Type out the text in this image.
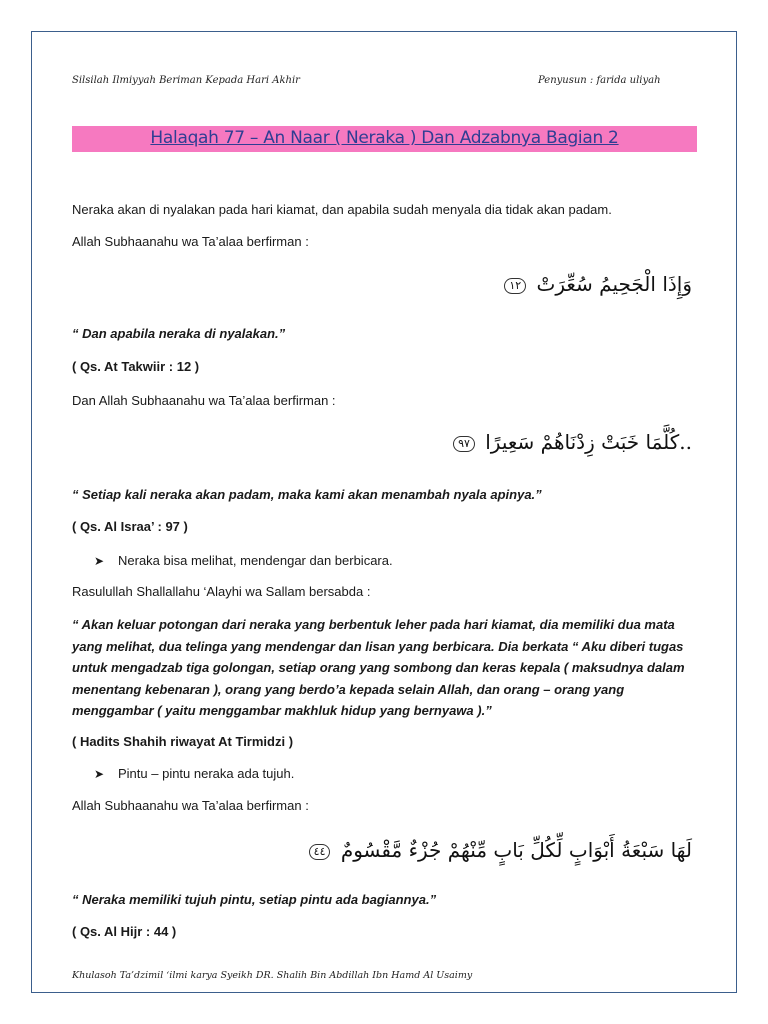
Silsilah Ilmiyyah Beriman Kepada Hari Akhir	Penyusun : farida uliyah
Halaqah 77 – An Naar ( Neraka ) Dan Adzabnya Bagian 2
Neraka akan di nyalakan pada hari kiamat, dan apabila sudah menyala dia tidak akan padam.
Allah Subhaanahu wa Ta’alaa berfirman :
وَإِذَا الْجَحِيمُ سُعِّرَتْ ١٢
“ Dan apabila neraka di nyalakan.”
( Qs. At Takwiir : 12 )
Dan Allah Subhaanahu wa Ta’alaa berfirman :
..كُلَّمَا خَبَتْ زِدْنَاهُمْ سَعِيرًا ٩٧
“ Setiap kali neraka akan padam, maka kami akan menambah nyala apinya.”
( Qs. Al Israa’ : 97 )
➤ Neraka bisa melihat, mendengar dan berbicara.
Rasulullah Shallallahu ‘Alayhi wa Sallam bersabda :
“ Akan keluar potongan dari neraka yang berbentuk leher pada hari kiamat, dia memiliki dua mata yang melihat, dua telinga yang mendengar dan lisan yang berbicara. Dia berkata “ Aku diberi tugas untuk mengadzab tiga golongan, setiap orang yang sombong dan keras kepala ( maksudnya dalam menentang kebenaran ), orang yang berdo’a kepada selain Allah, dan orang – orang yang menggambar ( yaitu menggambar makhluk hidup yang bernyawa ).”
( Hadits Shahih riwayat At Tirmidzi )
➤ Pintu – pintu neraka ada tujuh.
Allah Subhaanahu wa Ta’alaa berfirman :
لَهَا سَبْعَةُ أَبْوَابٍ لِّكُلِّ بَابٍ مِّنْهُمْ جُزْءٌ مَّقْسُومٌ ٤٤
“ Neraka memiliki tujuh pintu, setiap pintu ada bagiannya.”
( Qs. Al Hijr : 44 )
Khulasoh Ta’dzimil ‘ilmi karya Syeikh DR. Shalih Bin Abdillah Ibn Hamd Al Usaimy
